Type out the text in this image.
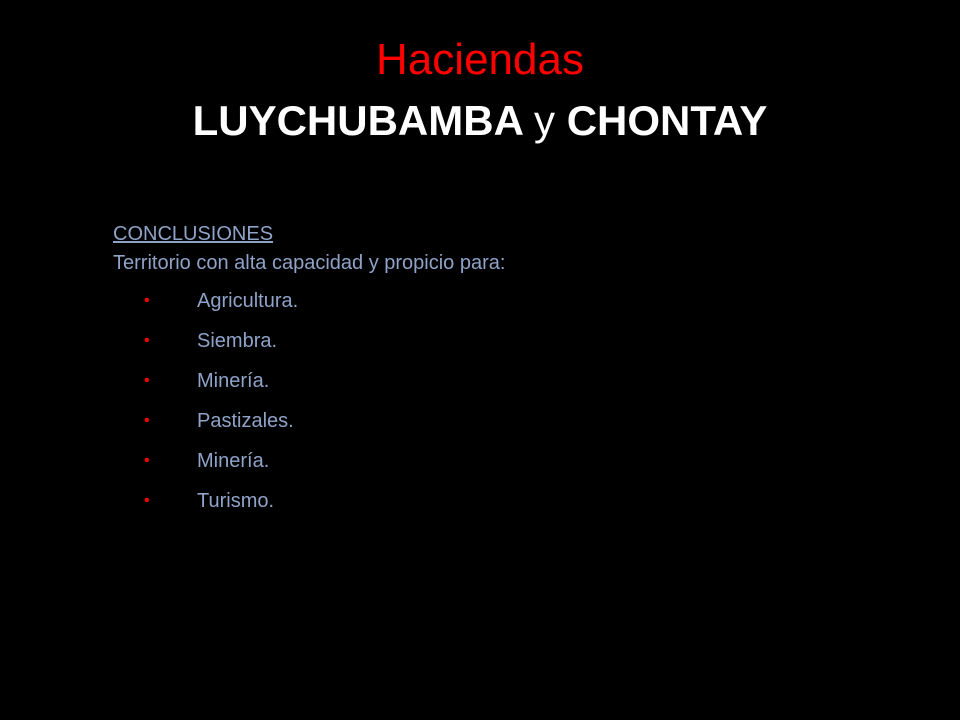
Haciendas
LUYCHUBAMBA y CHONTAY
CONCLUSIONES
Territorio con alta capacidad y propicio para:
• Agricultura.
• Siembra.
• Minería.
• Pastizales.
• Minería.
• Turismo.
